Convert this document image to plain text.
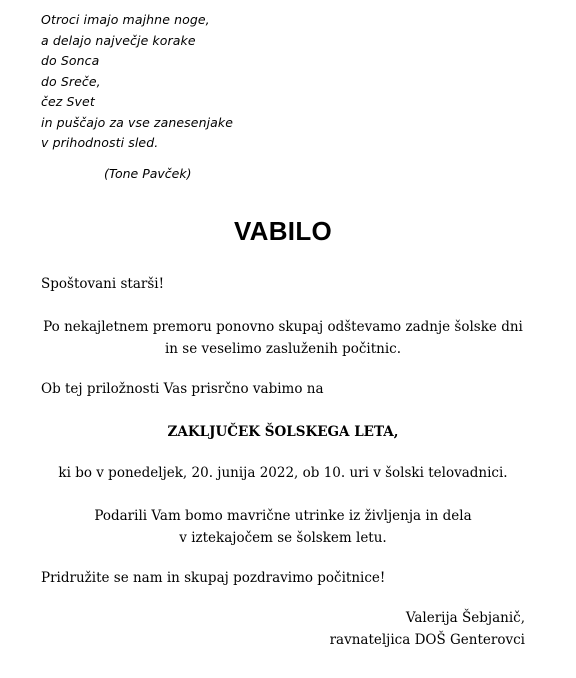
Otroci imajo majhne noge,
a delajo največje korake
do Sonca
do Sreče,
čez Svet
in puščajo za vse zanesenjake
v prihodnosti sled.
(Tone Pavček)
VABILO
Spoštovani starši!
Po nekajletnem premoru ponovno skupaj odštevamo zadnje šolske dni
in se veselimo zasluženih počitnic.
Ob tej priložnosti Vas prisrčno vabimo na
ZAKLJUČEK ŠOLSKEGA LETA,
ki bo v ponedeljek, 20. junija 2022, ob 10. uri v šolski telovadnici.
Podarili Vam bomo mavrične utrinke iz življenja in dela
v iztekajočem se šolskem letu.
Pridružite se nam in skupaj pozdravimo počitnice!
Valerija Šebjanič,
ravnateljica DOŠ Genterovci
